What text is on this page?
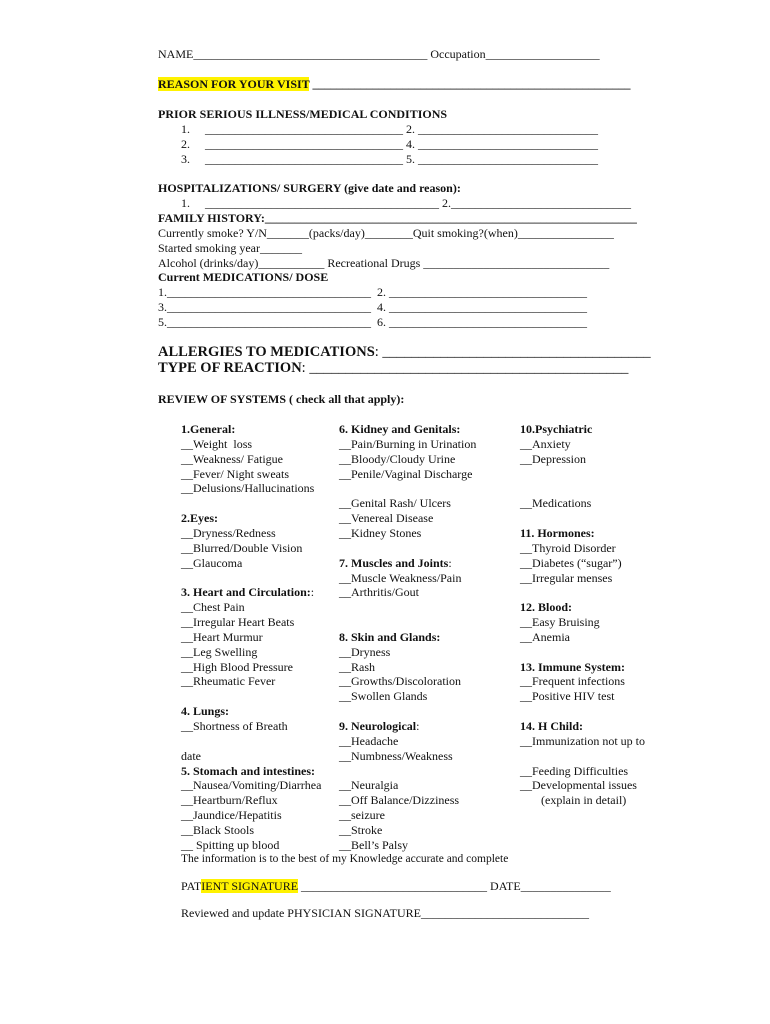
NAME_______________________________________ Occupation___________________
REASON FOR YOUR VISIT _____________________________________________________
PRIOR SERIOUS ILLNESS/MEDICAL CONDITIONS
1.     _________________________________ 2. ______________________________
2.     _________________________________ 4. ______________________________
3.     _________________________________ 5. ______________________________
HOSPITALIZATIONS/ SURGERY (give date and reason):
1.     _______________________________________ 2.______________________________
FAMILY HISTORY:______________________________________________________________
Currently smoke? Y/N_______(packs/day)________Quit smoking?(when)________________
Started smoking year_______
Alcohol (drinks/day)___________ Recreational Drugs _______________________________
Current MEDICATIONS/ DOSE
1.__________________________________  2. _________________________________
3.__________________________________  4. _________________________________
5.__________________________________  6. _________________________________
ALLERGIES TO MEDICATIONS: _____________________________________
TYPE OF REACTION: ____________________________________________
REVIEW OF SYSTEMS ( check all that apply):
1.General:
__Weight  loss
__Weakness/ Fatigue
__Fever/ Night sweats
__Delusions/Hallucinations
2.Eyes:
__Dryness/Redness
__Blurred/Double Vision
__Glaucoma
3. Heart and Circulation::
__Chest Pain
__Irregular Heart Beats
__Heart Murmur
__Leg Swelling
__High Blood Pressure
__Rheumatic Fever
4. Lungs:
__Shortness of Breath
date
5. Stomach and intestines:
__Nausea/Vomiting/Diarrhea
__Heartburn/Reflux
__Jaundice/Hepatitis
__Black Stools
__ Spitting up blood
6. Kidney and Genitals:
__Pain/Burning in Urination
__Bloody/Cloudy Urine
__Penile/Vaginal Discharge
__Genital Rash/ Ulcers
__Venereal Disease
__Kidney Stones
7. Muscles and Joints:
__Muscle Weakness/Pain
__Arthritis/Gout
8. Skin and Glands:
__Dryness
__Rash
__Growths/Discoloration
__Swollen Glands
9. Neurological:
__Headache
__Numbness/Weakness
__Neuralgia
__Off Balance/Dizziness
__seizure
__Stroke
__Bell’s Palsy
10.Psychiatric
__Anxiety
__Depression
__Medications
11. Hormones:
__Thyroid Disorder
__Diabetes (“sugar”)
__Irregular menses
12. Blood:
__Easy Bruising
__Anemia
13. Immune System:
__Frequent infections
__Positive HIV test
14. H Child:
__Immunization not up to
__Feeding Difficulties
__Developmental issues
(explain in detail)
The information is to the best of my Knowledge accurate and complete
PATIENT SIGNATURE _______________________________ DATE_______________
Reviewed and update PHYSICIAN SIGNATURE____________________________
